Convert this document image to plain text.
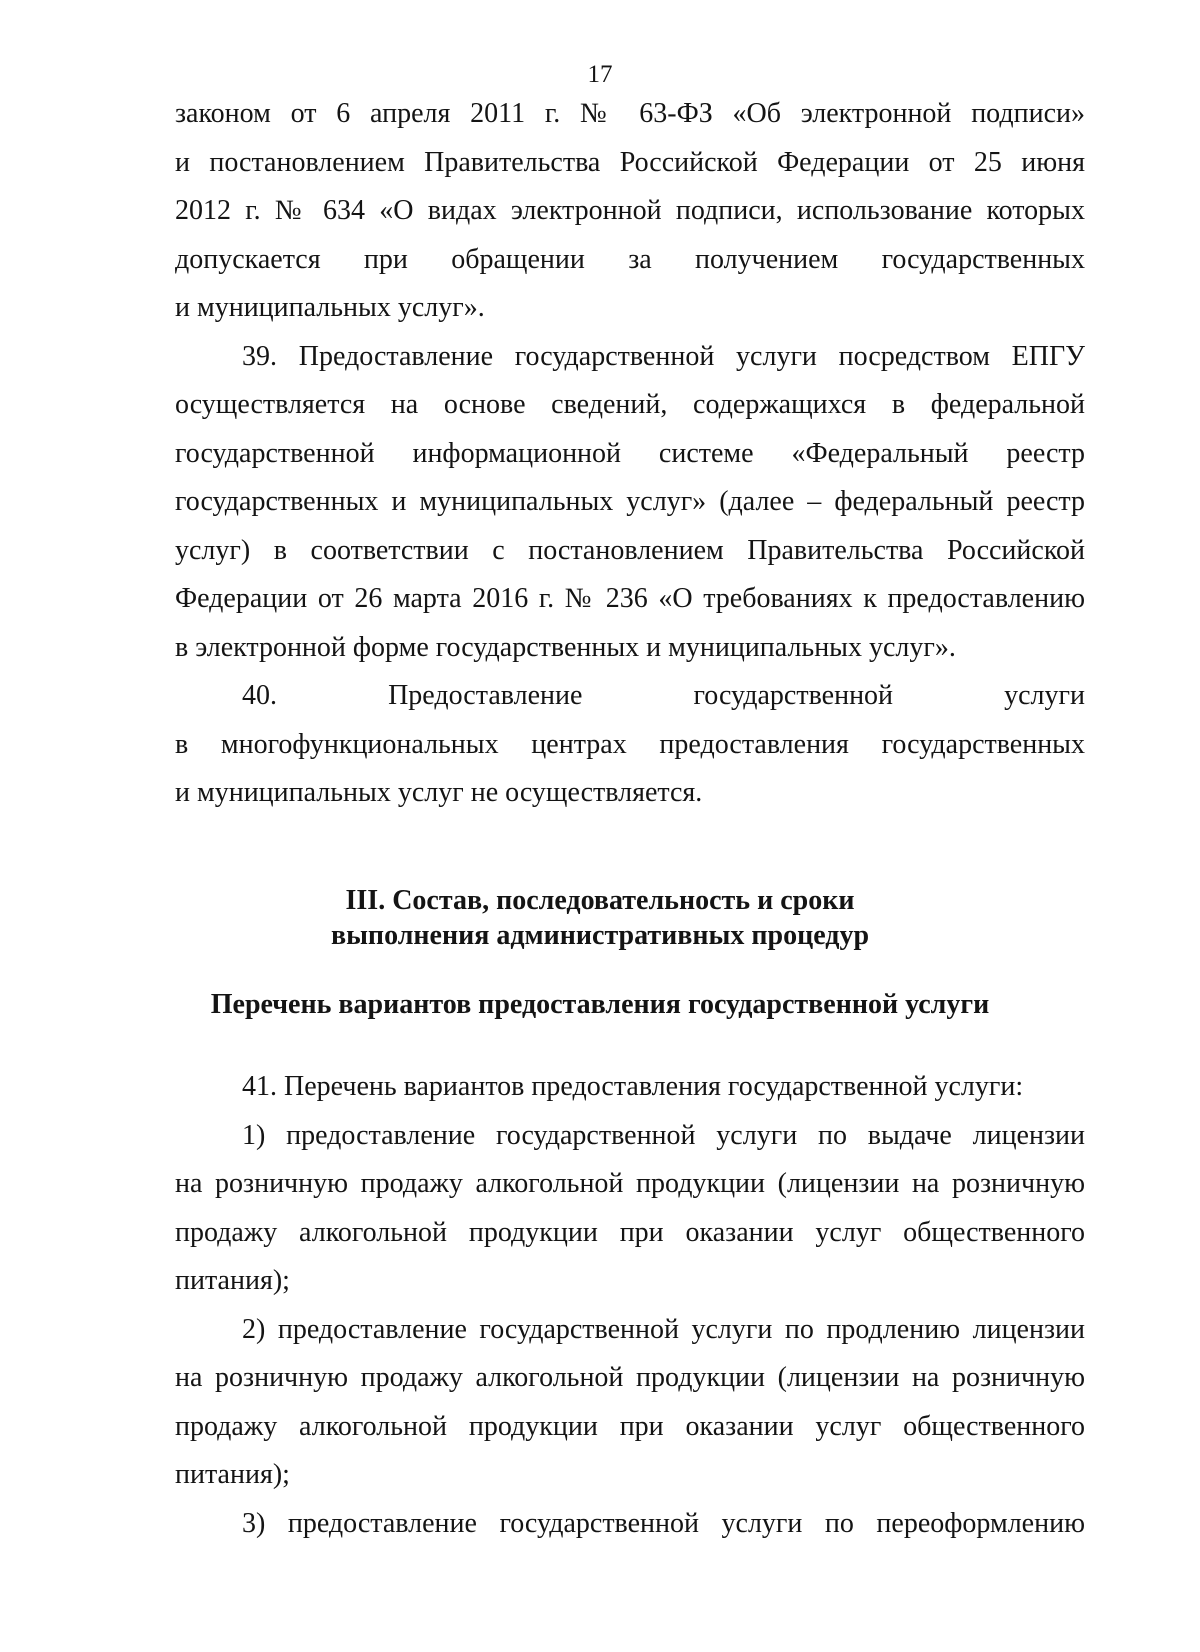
17
законом от 6 апреля 2011 г. № 63-ФЗ «Об электронной подписи»
и постановлением Правительства Российской Федерации от 25 июня
2012 г. № 634 «О видах электронной подписи, использование которых
допускается при обращении за получением государственных
и муниципальных услуг».
39. Предоставление государственной услуги посредством ЕПГУ
осуществляется на основе сведений, содержащихся в федеральной
государственной информационной системе «Федеральный реестр
государственных и муниципальных услуг» (далее – федеральный реестр
услуг) в соответствии с постановлением Правительства Российской
Федерации от 26 марта 2016 г. № 236 «О требованиях к предоставлению
в электронной форме государственных и муниципальных услуг».
40. Предоставление государственной услуги
в многофункциональных центрах предоставления государственных
и муниципальных услуг не осуществляется.
III. Состав, последовательность и сроки
выполнения административных процедур
Перечень вариантов предоставления государственной услуги
41. Перечень вариантов предоставления государственной услуги:
1) предоставление государственной услуги по выдаче лицензии
на розничную продажу алкогольной продукции (лицензии на розничную
продажу алкогольной продукции при оказании услуг общественного
питания);
2) предоставление государственной услуги по продлению лицензии
на розничную продажу алкогольной продукции (лицензии на розничную
продажу алкогольной продукции при оказании услуг общественного
питания);
3) предоставление государственной услуги по переоформлению
